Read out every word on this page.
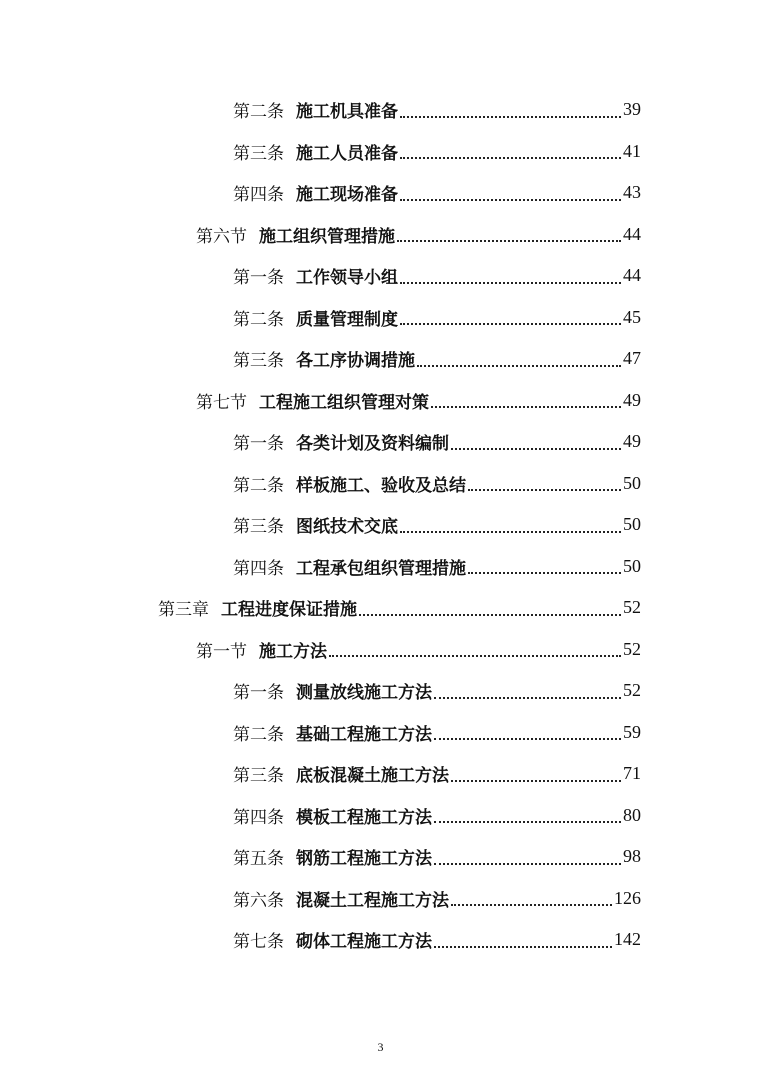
第二条 施工机具准备	39
第三条 施工人员准备	41
第四条 施工现场准备	43
第六节 施工组织管理措施	44
第一条 工作领导小组	44
第二条 质量管理制度	45
第三条 各工序协调措施	47
第七节 工程施工组织管理对策	49
第一条 各类计划及资料编制	49
第二条 样板施工、验收及总结	50
第三条 图纸技术交底	50
第四条 工程承包组织管理措施	50
第三章 工程进度保证措施	52
第一节 施工方法	52
第一条 测量放线施工方法	52
第二条 基础工程施工方法	59
第三条 底板混凝土施工方法	71
第四条 模板工程施工方法	80
第五条 钢筋工程施工方法	98
第六条 混凝土工程施工方法	126
第七条 砌体工程施工方法	142
3
